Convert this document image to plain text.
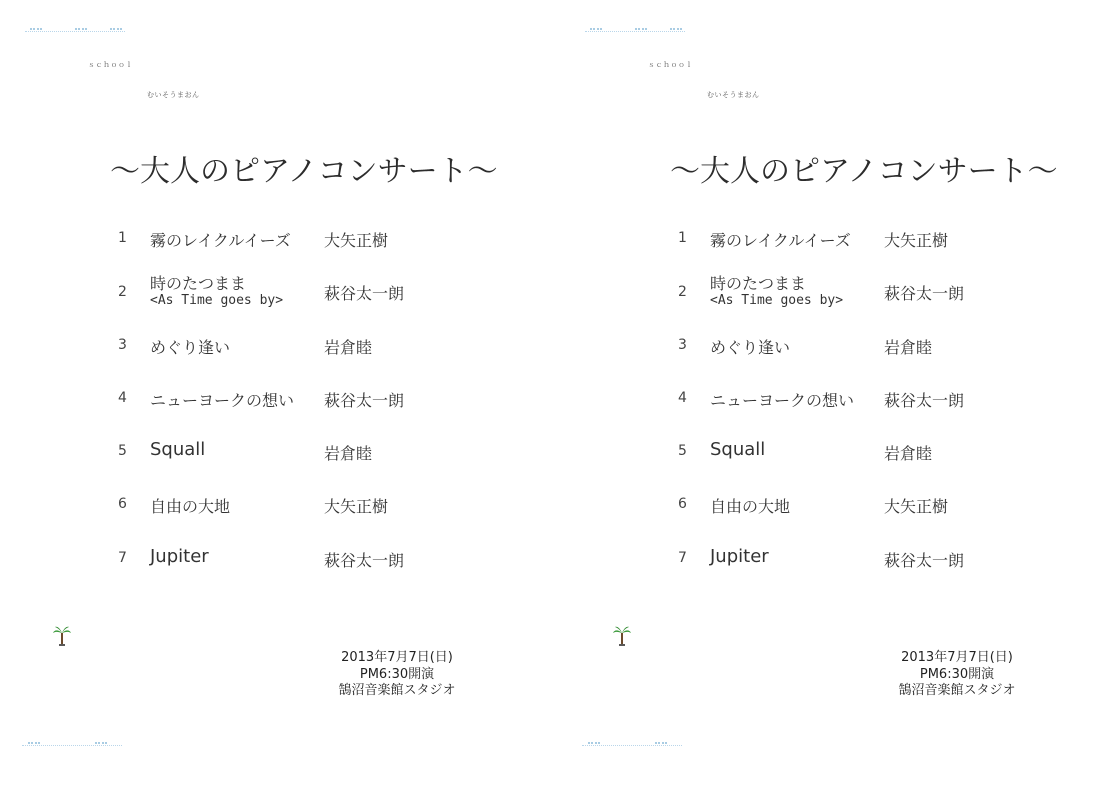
ｓｃｈｏｏｌ
むいそうまおん
～大人のピアノコンサート～
1 霧のレイクルイーズ 大矢正樹
2 時のたつまま
<As Time goes by>	萩谷太一朗
3 めぐり逢い	岩倉睦
4 ニューヨークの想い 萩谷太一朗
5 Squall	岩倉睦
6 自由の大地	大矢正樹
7 Jupiter	萩谷太一朗
2013年7月7日(日)
PM6:30開演
鵠沼音楽館スタジオ
ｓｃｈｏｏｌ
むいそうまおん
～大人のピアノコンサート～
1 霧のレイクルイーズ 大矢正樹
2 時のたつまま
<As Time goes by>	萩谷太一朗
3 めぐり逢い	岩倉睦
4 ニューヨークの想い 萩谷太一朗
5 Squall	岩倉睦
6 自由の大地	大矢正樹
7 Jupiter	萩谷太一朗
2013年7月7日(日)
PM6:30開演
鵠沼音楽館スタジオ
